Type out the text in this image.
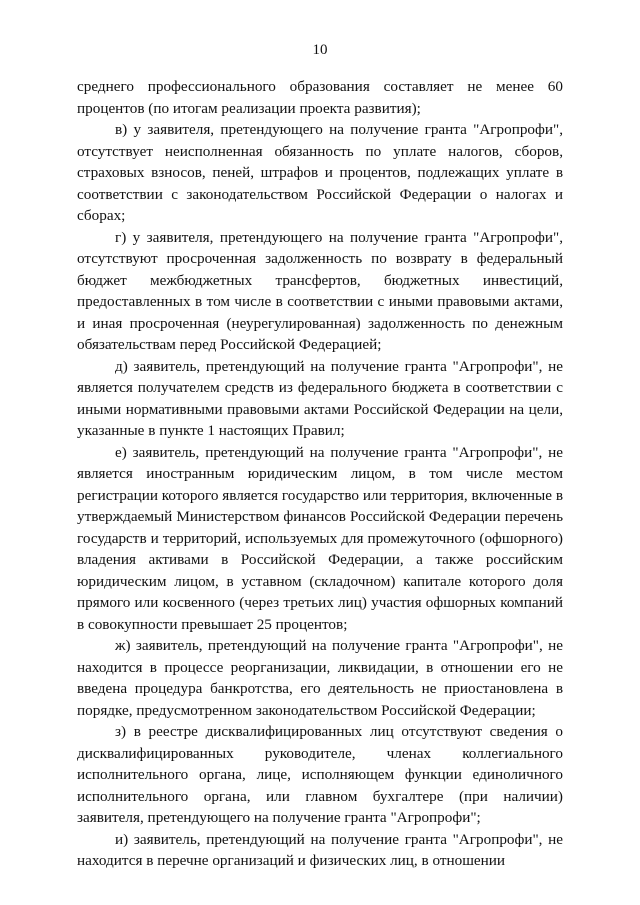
10

среднего профессионального образования составляет не менее 60 процентов (по итогам реализации проекта развития);

в) у заявителя, претендующего на получение гранта "Агропрофи", отсутствует неисполненная обязанность по уплате налогов, сборов, страховых взносов, пеней, штрафов и процентов, подлежащих уплате в соответствии с законодательством Российской Федерации о налогах и сборах;

г) у заявителя, претендующего на получение гранта "Агропрофи", отсутствуют просроченная задолженность по возврату в федеральный бюджет межбюджетных трансфертов, бюджетных инвестиций, предоставленных в том числе в соответствии с иными правовыми актами, и иная просроченная (неурегулированная) задолженность по денежным обязательствам перед Российской Федерацией;

д) заявитель, претендующий на получение гранта "Агропрофи", не является получателем средств из федерального бюджета в соответствии с иными нормативными правовыми актами Российской Федерации на цели, указанные в пункте 1 настоящих Правил;

е) заявитель, претендующий на получение гранта "Агропрофи", не является иностранным юридическим лицом, в том числе местом регистрации которого является государство или территория, включенные в утверждаемый Министерством финансов Российской Федерации перечень государств и территорий, используемых для промежуточного (офшорного) владения активами в Российской Федерации, а также российским юридическим лицом, в уставном (складочном) капитале которого доля прямого или косвенного (через третьих лиц) участия офшорных компаний в совокупности превышает 25 процентов;

ж) заявитель, претендующий на получение гранта "Агропрофи", не находится в процессе реорганизации, ликвидации, в отношении его не введена процедура банкротства, его деятельность не приостановлена в порядке, предусмотренном законодательством Российской Федерации;

з) в реестре дисквалифицированных лиц отсутствуют сведения о дисквалифицированных руководителе, членах коллегиального исполнительного органа, лице, исполняющем функции единоличного исполнительного органа, или главном бухгалтере (при наличии) заявителя, претендующего на получение гранта "Агропрофи";

и) заявитель, претендующий на получение гранта "Агропрофи", не находится в перечне организаций и физических лиц, в отношении
